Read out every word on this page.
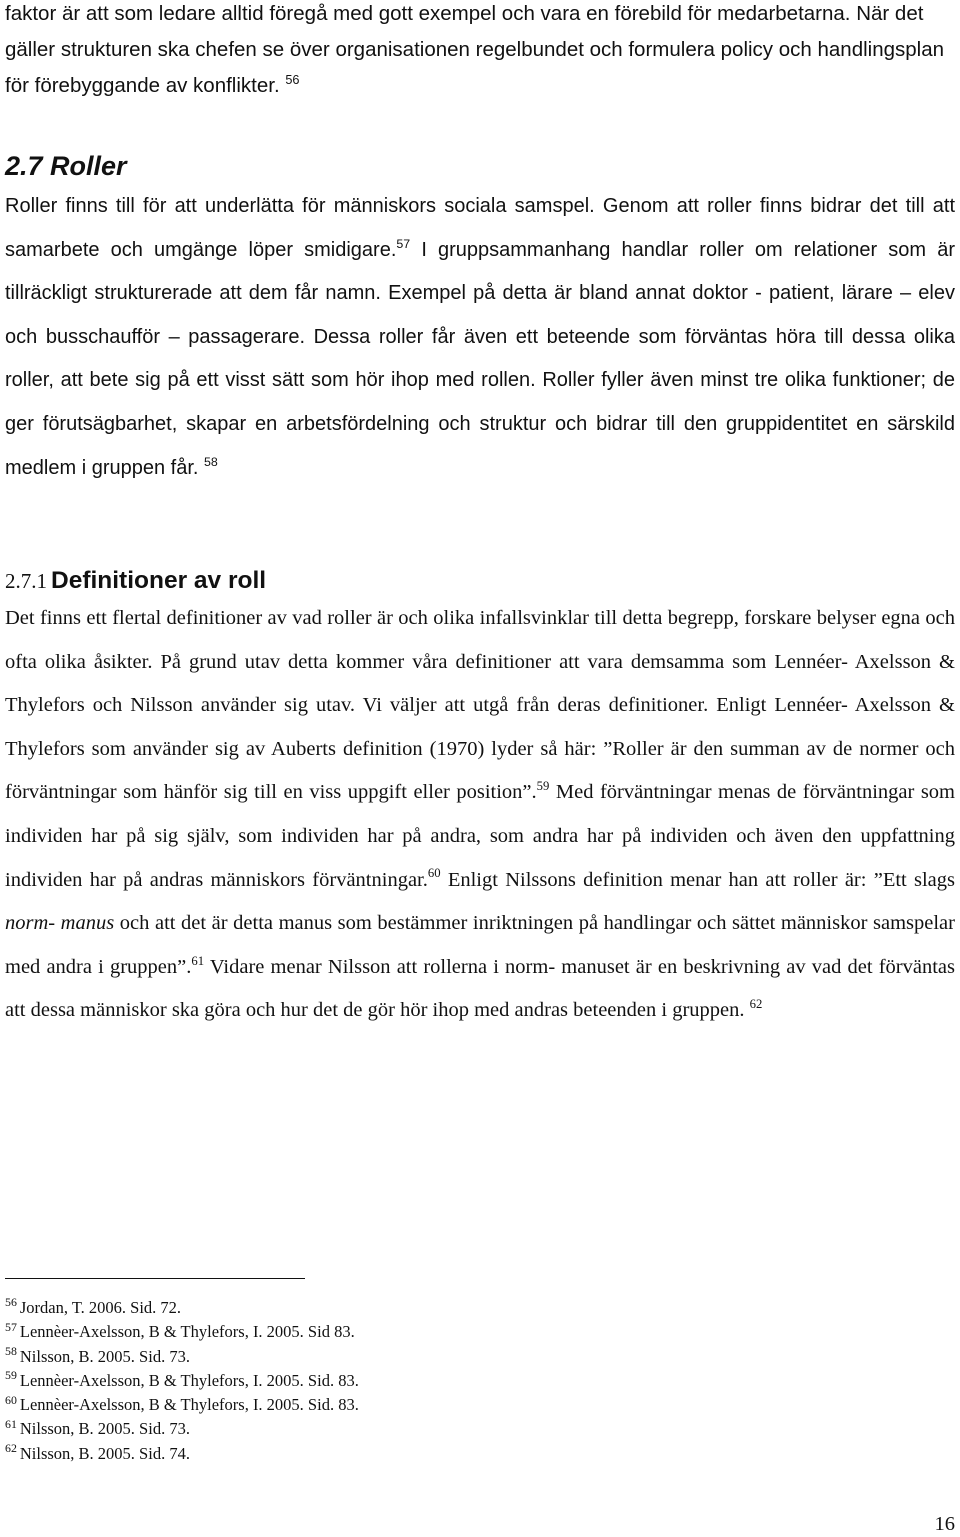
faktor är att som ledare alltid föregå med gott exempel och vara en förebild för medarbetarna. När det gäller strukturen ska chefen se över organisationen regelbundet och formulera policy och handlingsplan för förebyggande av konflikter. $^{56}$

2.7 Roller

Roller finns till för att underlätta för människors sociala samspel. Genom att roller finns bidrar det till att samarbete och umgänge löper smidigare.$^{57}$ I gruppsammanhang handlar roller om relationer som är tillräckligt strukturerade att dem får namn. Exempel på detta är bland annat doktor - patient, lärare – elev och busschaufför – passagerare. Dessa roller får även ett beteende som förväntas höra till dessa olika roller, att bete sig på ett visst sätt som hör ihop med rollen. Roller fyller även minst tre olika funktioner; de ger förutsägbarhet, skapar en arbetsfördelning och struktur och bidrar till den gruppidentitet en särskild medlem i gruppen får. $^{58}$

2.7.1 Definitioner av roll

Det finns ett flertal definitioner av vad roller är och olika infallsvinklar till detta begrepp, forskare belyser egna och ofta olika åsikter. På grund utav detta kommer våra definitioner att vara demsamma som Lennéer- Axelsson & Thylefors och Nilsson använder sig utav. Vi väljer att utgå från deras definitioner. Enligt Lennéer- Axelsson & Thylefors som använder sig av Auberts definition (1970) lyder så här: ”Roller är den summan av de normer och förväntningar som hänför sig till en viss uppgift eller position”.$^{59}$ Med förväntningar menas de förväntningar som individen har på sig själv, som individen har på andra, som andra har på individen och även den uppfattning individen har på andras människors förväntningar.$^{60}$ Enligt Nilssons definition menar han att roller är: ”Ett slags norm- manus och att det är detta manus som bestämmer inriktningen på handlingar och sättet människor samspelar med andra i gruppen”.$^{61}$ Vidare menar Nilsson att rollerna i norm- manuset är en beskrivning av vad det förväntas att dessa människor ska göra och hur det de gör hör ihop med andras beteenden i gruppen. $^{62}$

$^{56}$ Jordan, T. 2006. Sid. 72.
$^{57}$ Lennèer-Axelsson, B & Thylefors, I. 2005. Sid 83.
$^{58}$ Nilsson, B. 2005. Sid. 73.
$^{59}$ Lennèer-Axelsson, B & Thylefors, I. 2005. Sid. 83.
$^{60}$ Lennèer-Axelsson, B & Thylefors, I. 2005. Sid. 83.
$^{61}$ Nilsson, B. 2005. Sid. 73.
$^{62}$ Nilsson, B. 2005. Sid. 74.
16
